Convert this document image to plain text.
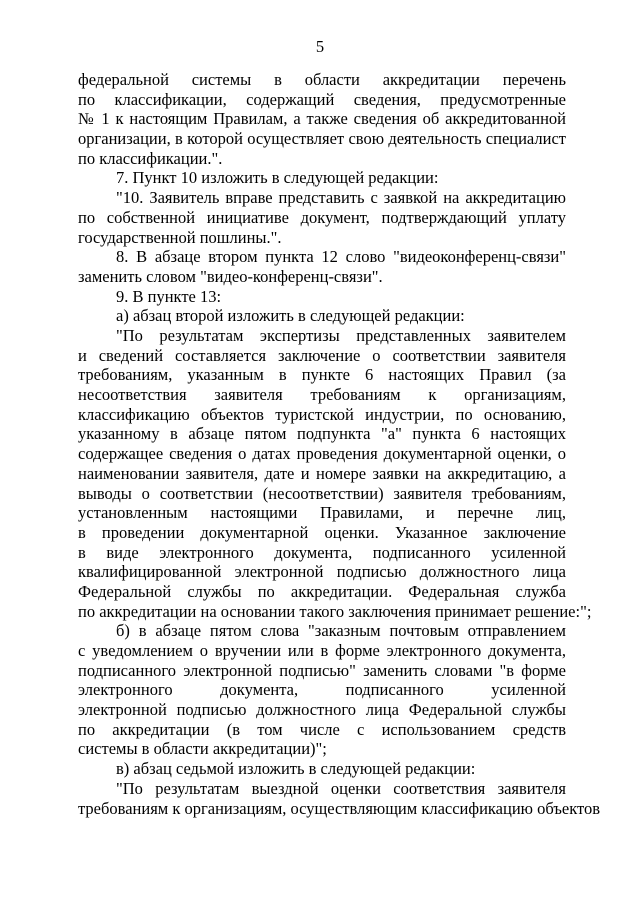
5
федеральной системы в области аккредитации перечень
по классификации, содержащий сведения, предусмотренные
№ 1 к настоящим Правилам, а также сведения об аккредитованной
организации, в которой осуществляет свою деятельность специалист
по классификации.".
7. Пункт 10 изложить в следующей редакции:
"10. Заявитель вправе представить с заявкой на аккредитацию
по собственной инициативе документ, подтверждающий уплату
государственной пошлины.".
8. В абзаце втором пункта 12 слово "видеоконференц-связи"
заменить словом "видео-конференц-связи".
9. В пункте 13:
а) абзац второй изложить в следующей редакции:
"По результатам экспертизы представленных заявителем
и сведений составляется заключение о соответствии заявителя
требованиям, указанным в пункте 6 настоящих Правил (за
несоответствия заявителя требованиям к организациям,
классификацию объектов туристской индустрии, по основанию,
указанному в абзаце пятом подпункта "а" пункта 6 настоящих
содержащее сведения о датах проведения документарной оценки, о
наименовании заявителя, дате и номере заявки на аккредитацию, а
выводы о соответствии (несоответствии) заявителя требованиям,
установленным настоящими Правилами, и перечне лиц,
в проведении документарной оценки. Указанное заключение
в виде электронного документа, подписанного усиленной
квалифицированной электронной подписью должностного лица
Федеральной службы по аккредитации. Федеральная служба
по аккредитации на основании такого заключения принимает решение:";
б) в абзаце пятом слова "заказным почтовым отправлением
с уведомлением о вручении или в форме электронного документа,
подписанного электронной подписью" заменить словами "в форме
электронного документа, подписанного усиленной
электронной подписью должностного лица Федеральной службы
по аккредитации (в том числе с использованием средств
системы в области аккредитации)";
в) абзац седьмой изложить в следующей редакции:
"По результатам выездной оценки соответствия заявителя
требованиям к организациям, осуществляющим классификацию объектов
